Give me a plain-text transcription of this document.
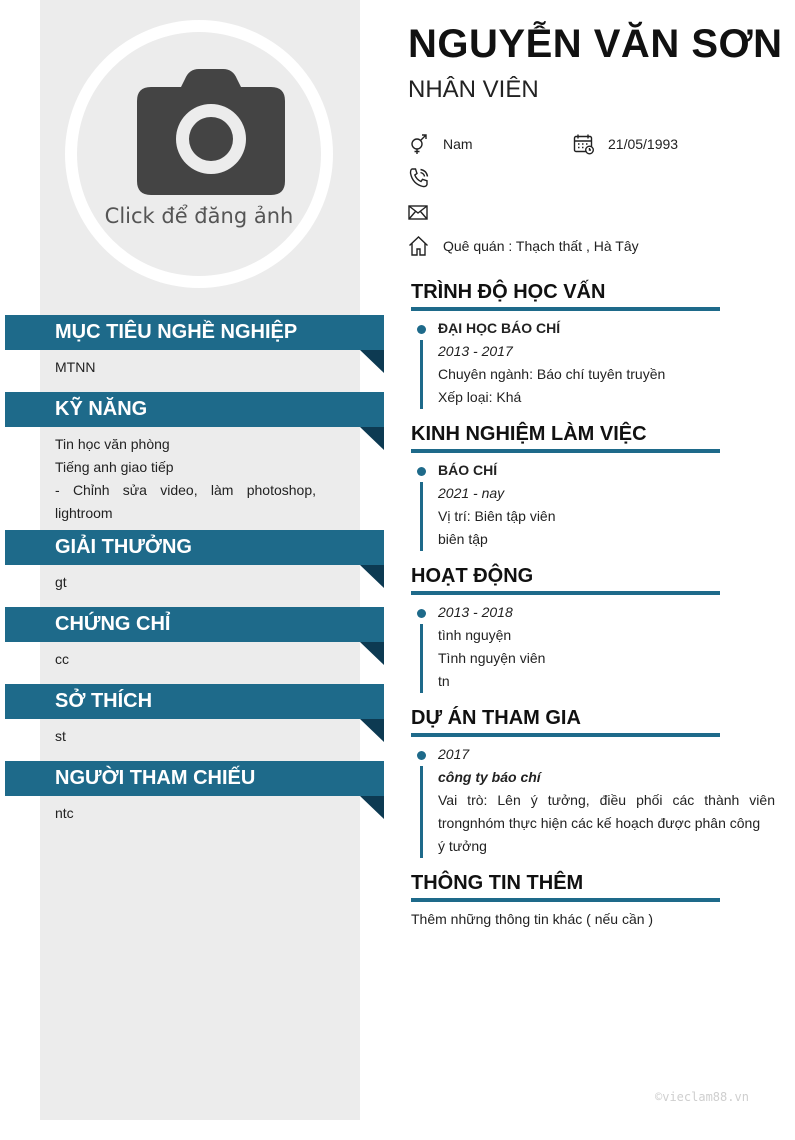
Click để đăng ảnh
MỤC TIÊU NGHỀ NGHIỆP
MTNN
KỸ NĂNG
Tin học văn phòng
Tiếng anh giao tiếp
- Chỉnh sửa video, làm photoshop, lightroom
GIẢI THƯỞNG
gt
CHỨNG CHỈ
cc
SỞ THÍCH
st
NGƯỜI THAM CHIẾU
ntc
NGUYỄN VĂN SƠN
NHÂN VIÊN
Nam	21/05/1993
Quê quán : Thạch thất , Hà Tây
TRÌNH ĐỘ HỌC VẤN
ĐẠI HỌC BÁO CHÍ
2013 - 2017
Chuyên ngành: Báo chí tuyên truyền
Xếp loại: Khá
KINH NGHIỆM LÀM VIỆC
BÁO CHÍ
2021 - nay
Vị trí: Biên tập viên
biên tập
HOẠT ĐỘNG
2013 - 2018
tình nguyện
Tình nguyện viên
tn
DỰ ÁN THAM GIA
2017
công ty báo chí
Vai trò: Lên ý tưởng, điều phối các thành viên trongnhóm thực hiện các kế hoạch được phân công
ý tưởng
THÔNG TIN THÊM
Thêm những thông tin khác ( nếu cần )
©vieclam88.vn
